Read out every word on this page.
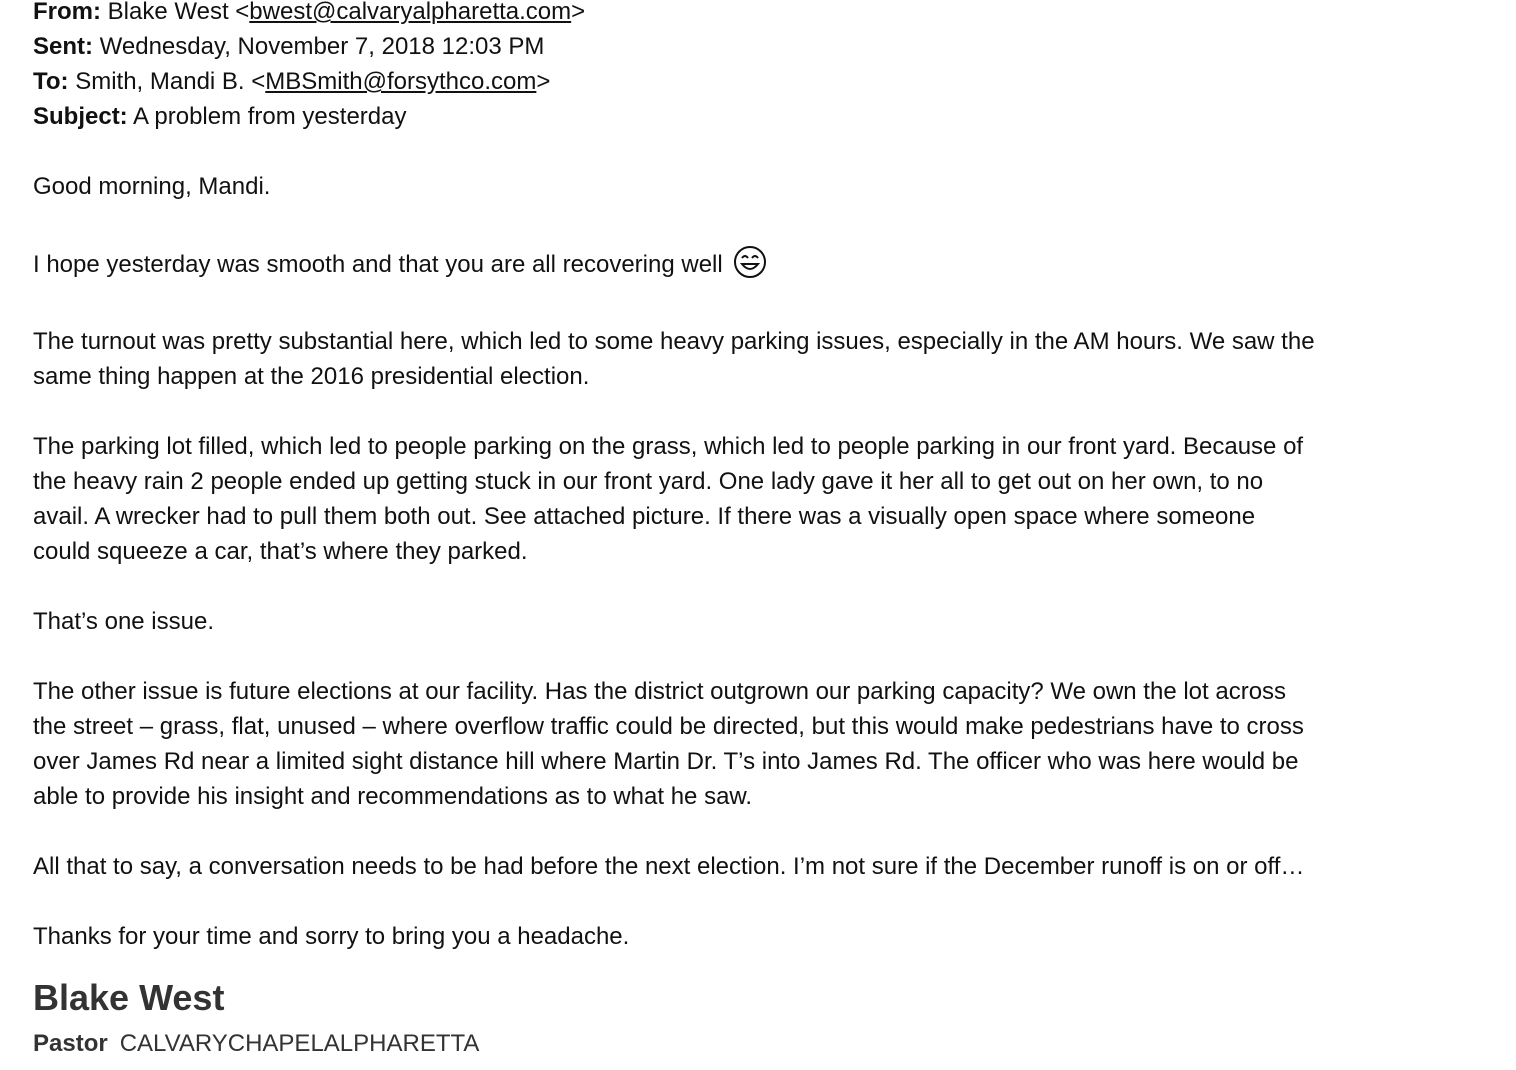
From: Blake West <bwest@calvaryalpharetta.com>
Sent: Wednesday, November 7, 2018 12:03 PM
To: Smith, Mandi B. <MBSmith@forsythco.com>
Subject: A problem from yesterday

Good morning, Mandi.

I hope yesterday was smooth and that you are all recovering well

The turnout was pretty substantial here, which led to some heavy parking issues, especially in the AM hours. We saw the

same thing happen at the 2016 presidential election.

The parking lot filled, which led to people parking on the grass, which led to people parking in our front yard. Because of

the heavy rain 2 people ended up getting stuck in our front yard. One lady gave it her all to get out on her own, to no

avail. A wrecker had to pull them both out. See attached picture. If there was a visually open space where someone

could squeeze a car, that’s where they parked.

That’s one issue.

The other issue is future elections at our facility. Has the district outgrown our parking capacity? We own the lot across

the street – grass, flat, unused – where overflow traffic could be directed, but this would make pedestrians have to cross

over James Rd near a limited sight distance hill where Martin Dr. T’s into James Rd. The officer who was here would be

able to provide his insight and recommendations as to what he saw.

All that to say, a conversation needs to be had before the next election. I’m not sure if the December runoff is on or off…

Thanks for your time and sorry to bring you a headache.

Blake West
Pastor CALVARYCHAPELALPHARETTA
